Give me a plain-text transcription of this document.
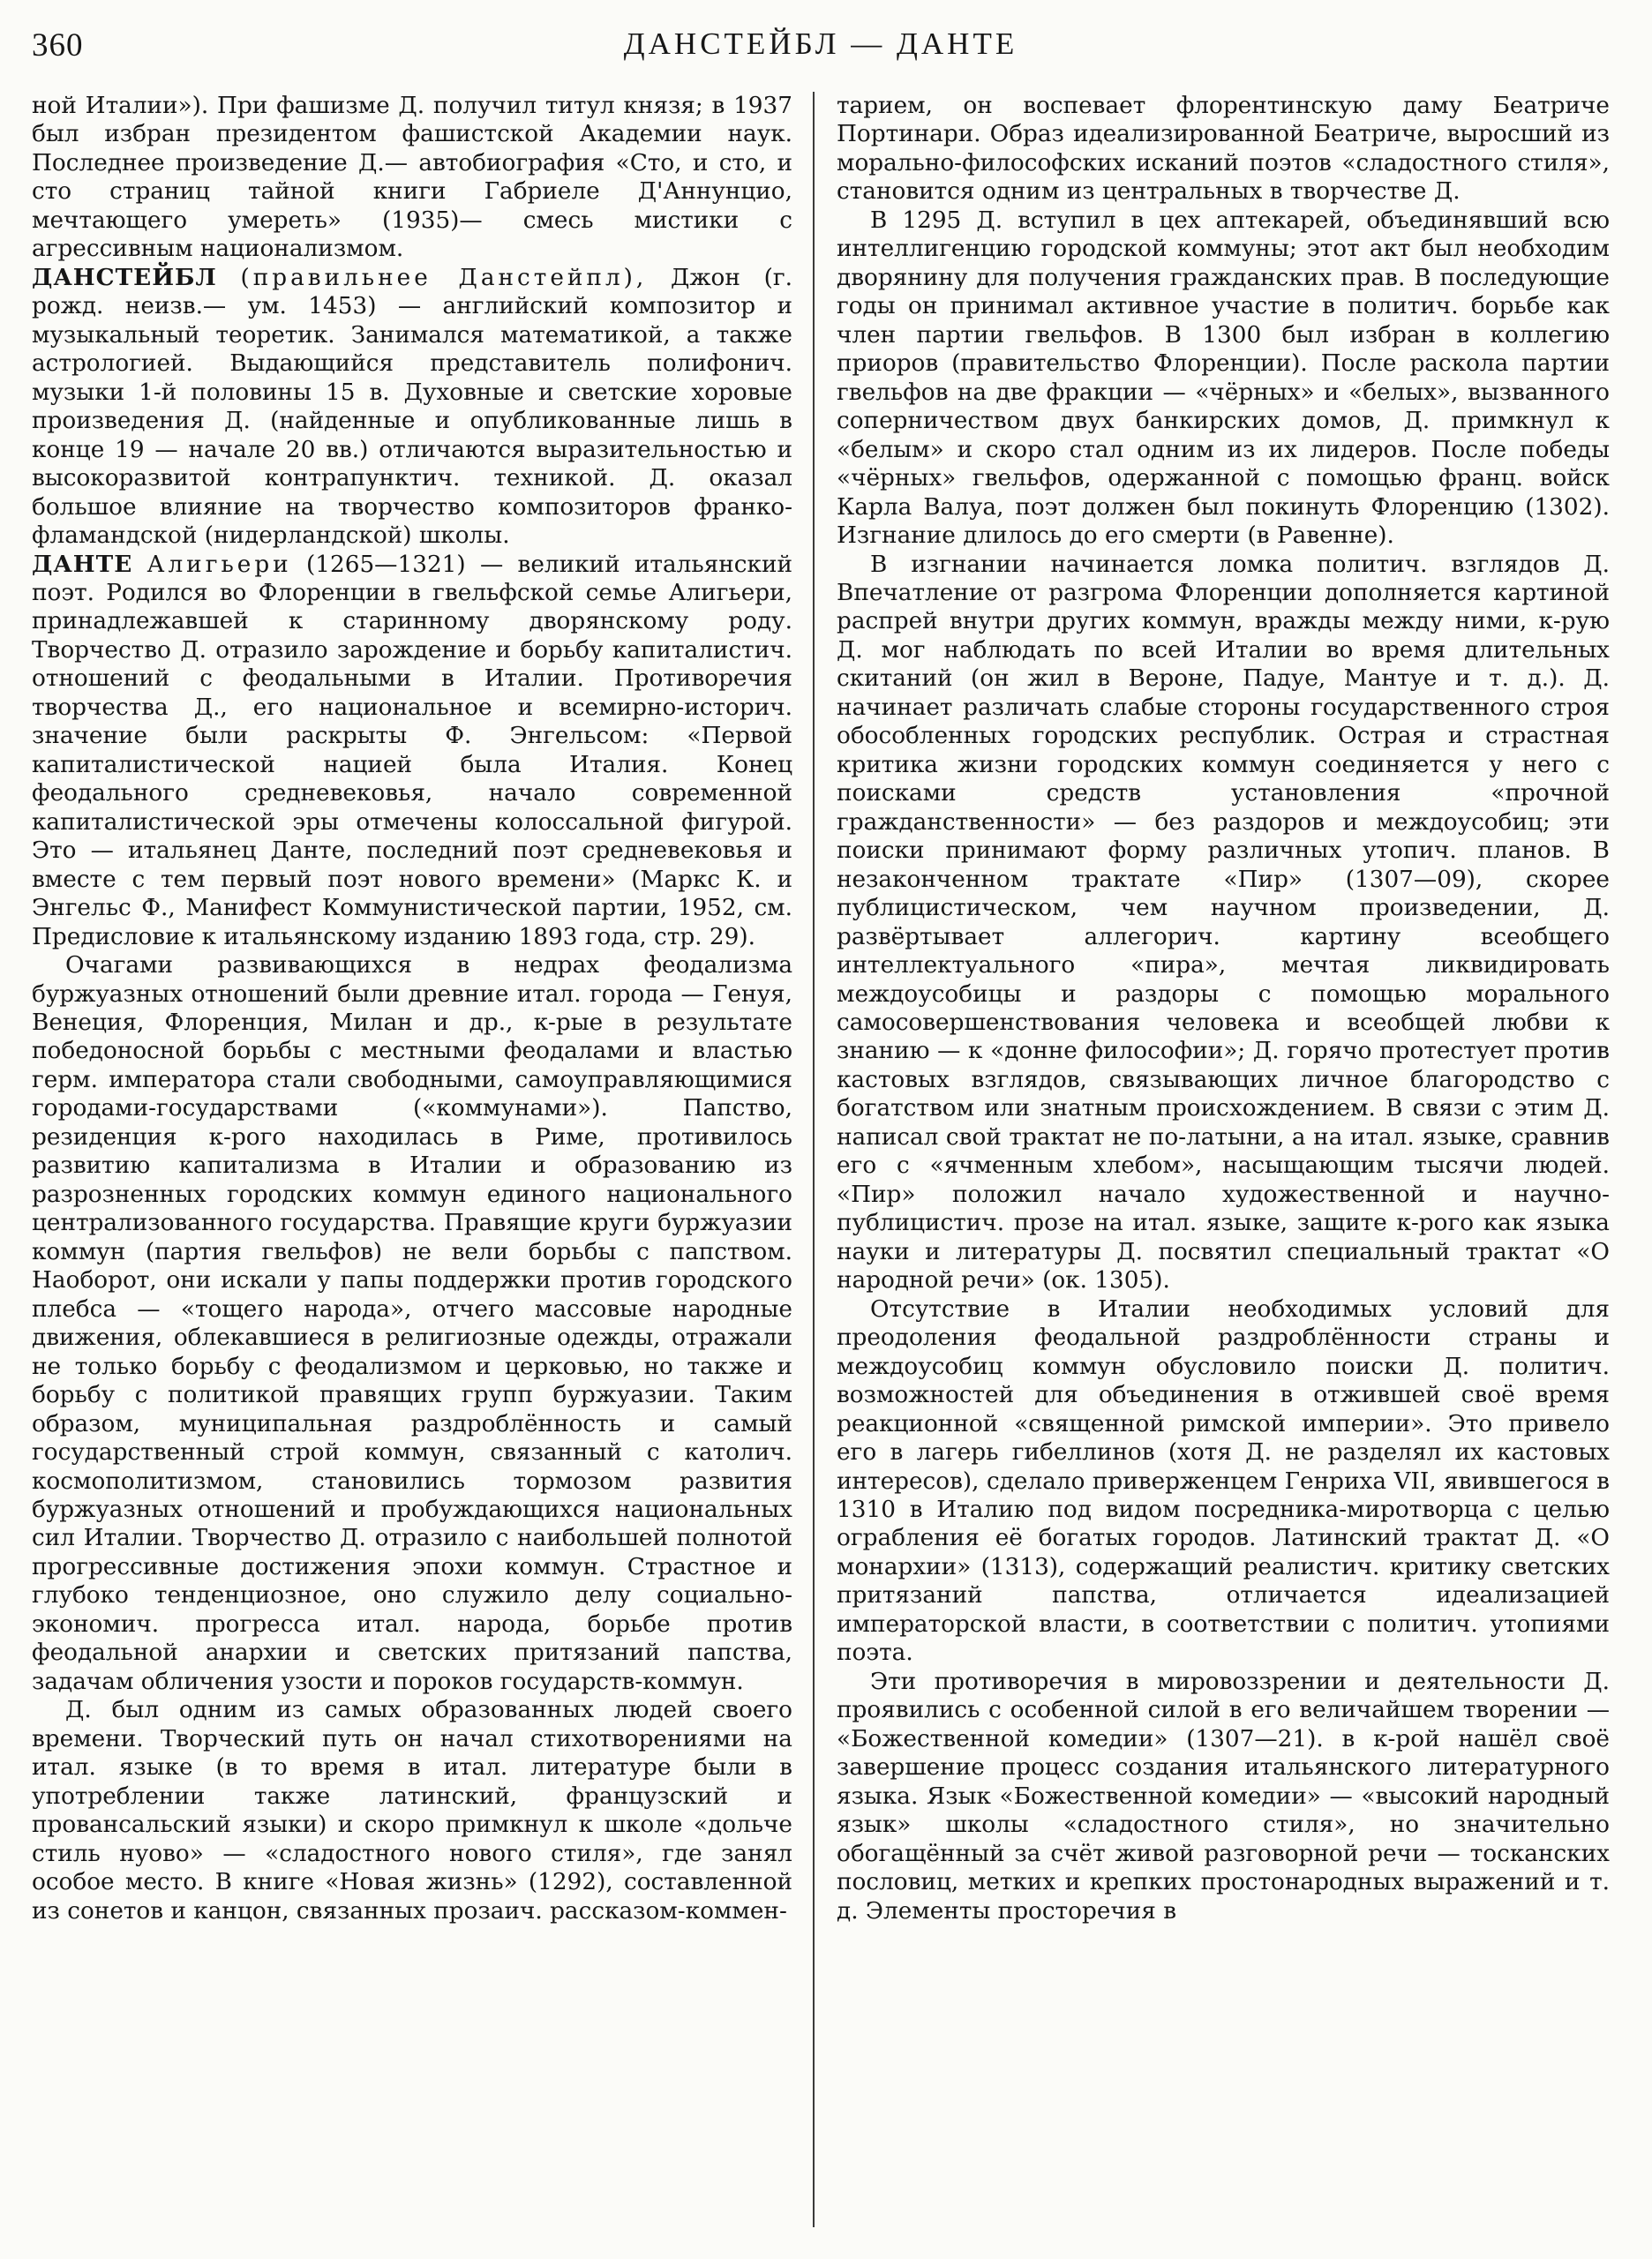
360	ДАНСТЕЙБЛ — ДАНТЕ

ной Италии»). При фашизме Д. получил титул князя; в 1937 был избран президентом фашистской Академии наук. Последнее произведение Д.— автобиография «Сто, и сто, и сто страниц тайной книги Габриеле Д'Аннунцио, мечтающего умереть» (1935)— смесь мистики с агрессивным национализмом.

ДАНСТЕЙБЛ (правильнее Данстейпл), Джон (г. рожд. неизв.— ум. 1453) — английский композитор и музыкальный теоретик. Занимался математикой, а также астрологией. Выдающийся представитель полифонич. музыки 1-й половины 15 в. Духовные и светские хоровые произведения Д. (найденные и опубликованные лишь в конце 19 — начале 20 вв.) отличаются выразительностью и высокоразвитой контрапунктич. техникой. Д. оказал большое влияние на творчество композиторов франко-фламандской (нидерландской) школы.

ДАНТЕ Алигьери (1265—1321) — великий итальянский поэт. Родился во Флоренции в гвельфской семье Алигьери, принадлежавшей к старинному дворянскому роду. Творчество Д. отразило зарождение и борьбу капиталистич. отношений с феодальными в Италии. Противоречия творчества Д., его национальное и всемирно-историч. значение были раскрыты Ф. Энгельсом: «Первой капиталистической нацией была Италия. Конец феодального средневековья, начало современной капиталистической эры отмечены колоссальной фигурой. Это — итальянец Данте, последний поэт средневековья и вместе с тем первый поэт нового времени» (Маркс К. и Энгельс Ф., Манифест Коммунистической партии, 1952, см. Предисловие к итальянскому изданию 1893 года, стр. 29).

Очагами развивающихся в недрах феодализма буржуазных отношений были древние итал. города — Генуя, Венеция, Флоренция, Милан и др., к-рые в результате победоносной борьбы с местными феодалами и властью герм. императора стали свободными, самоуправляющимися городами-государствами («коммунами»). Папство, резиденция к-рого находилась в Риме, противилось развитию капитализма в Италии и образованию из разрозненных городских коммун единого национального централизованного государства. Правящие круги буржуазии коммун (партия гвельфов) не вели борьбы с папством. Наоборот, они искали у папы поддержки против городского плебса — «тощего народа», отчего массовые народные движения, облекавшиеся в религиозные одежды, отражали не только борьбу с феодализмом и церковью, но также и борьбу с политикой правящих групп буржуазии. Таким образом, муниципальная раздроблённость и самый государственный строй коммун, связанный с католич. космополитизмом, становились тормозом развития буржуазных отношений и пробуждающихся национальных сил Италии. Творчество Д. отразило с наибольшей полнотой прогрессивные достижения эпохи коммун. Страстное и глубоко тенденциозное, оно служило делу социально-экономич. прогресса итал. народа, борьбе против феодальной анархии и светских притязаний папства, задачам обличения узости и пороков государств-коммун.

Д. был одним из самых образованных людей своего времени. Творческий путь он начал стихотворениями на итал. языке (в то время в итал. литературе были в употреблении также латинский, французский и провансальский языки) и скоро примкнул к школе «дольче стиль нуово» — «сладостного нового стиля», где занял особое место. В книге «Новая жизнь» (1292), составленной из сонетов и канцон, связанных прозаич. рассказом-коммен-

тарием, он воспевает флорентинскую даму Беатриче Портинари. Образ идеализированной Беатриче, выросший из морально-философских исканий поэтов «сладостного стиля», становится одним из центральных в творчестве Д.

В 1295 Д. вступил в цех аптекарей, объединявший всю интеллигенцию городской коммуны; этот акт был необходим дворянину для получения гражданских прав. В последующие годы он принимал активное участие в политич. борьбе как член партии гвельфов. В 1300 был избран в коллегию приоров (правительство Флоренции). После раскола партии гвельфов на две фракции — «чёрных» и «белых», вызванного соперничеством двух банкирских домов, Д. примкнул к «белым» и скоро стал одним из их лидеров. После победы «чёрных» гвельфов, одержанной с помощью франц. войск Карла Валуа, поэт должен был покинуть Флоренцию (1302). Изгнание длилось до его смерти (в Равенне).

В изгнании начинается ломка политич. взглядов Д. Впечатление от разгрома Флоренции дополняется картиной распрей внутри других коммун, вражды между ними, к-рую Д. мог наблюдать по всей Италии во время длительных скитаний (он жил в Вероне, Падуе, Мантуе и т. д.). Д. начинает различать слабые стороны государственного строя обособленных городских республик. Острая и страстная критика жизни городских коммун соединяется у него с поисками средств установления «прочной гражданственности» — без раздоров и междоусобиц; эти поиски принимают форму различных утопич. планов. В незаконченном трактате «Пир» (1307—09), скорее публицистическом, чем научном произведении, Д. развёртывает аллегорич. картину всеобщего интеллектуального «пира», мечтая ликвидировать междоусобицы и раздоры с помощью морального самосовершенствования человека и всеобщей любви к знанию — к «донне философии»; Д. горячо протестует против кастовых взглядов, связывающих личное благородство с богатством или знатным происхождением. В связи с этим Д. написал свой трактат не по-латыни, а на итал. языке, сравнив его с «ячменным хлебом», насыщающим тысячи людей. «Пир» положил начало художественной и научно-публицистич. прозе на итал. языке, защите к-рого как языка науки и литературы Д. посвятил специальный трактат «О народной речи» (ок. 1305).

Отсутствие в Италии необходимых условий для преодоления феодальной раздроблённости страны и междоусобиц коммун обусловило поиски Д. политич. возможностей для объединения в отжившей своё время реакционной «священной римской империи». Это привело его в лагерь гибеллинов (хотя Д. не разделял их кастовых интересов), сделало приверженцем Генриха VII, явившегося в 1310 в Италию под видом посредника-миротворца с целью ограбления её богатых городов. Латинский трактат Д. «О монархии» (1313), содержащий реалистич. критику светских притязаний папства, отличается идеализацией императорской власти, в соответствии с политич. утопиями поэта.

Эти противоречия в мировоззрении и деятельности Д. проявились с особенной силой в его величайшем творении — «Божественной комедии» (1307—21). в к-рой нашёл своё завершение процесс создания итальянского литературного языка. Язык «Божественной комедии» — «высокий народный язык» школы «сладостного стиля», но значительно обогащённый за счёт живой разговорной речи — тосканских пословиц, метких и крепких простонародных выражений и т. д. Элементы просторечия в
